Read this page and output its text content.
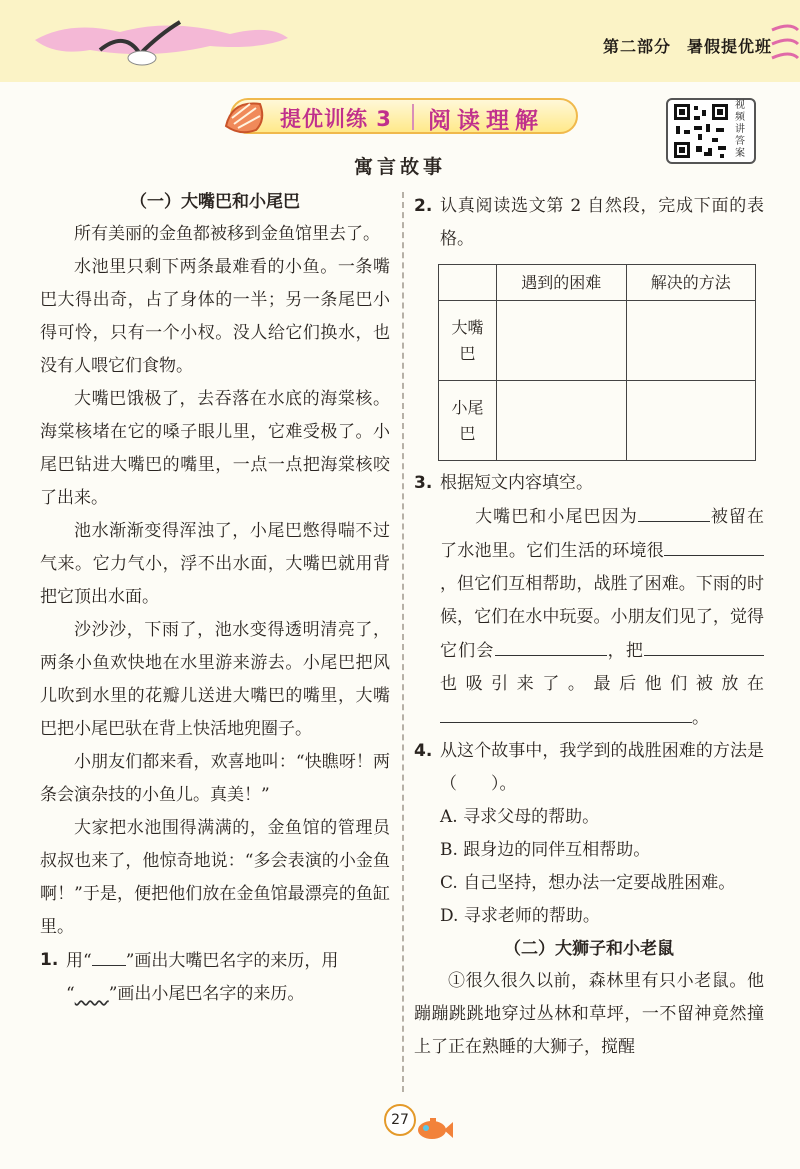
第二部分 暑假提优班
提优训练 3 阅读理解
视频讲答案
寓言故事
（一）大嘴巴和小尾巴

所有美丽的金鱼都被移到金鱼馆里去了。

水池里只剩下两条最难看的小鱼。一条嘴巴大得出奇，占了身体的一半；另一条尾巴小得可怜，只有一个小杈。没人给它们换水，也没有人喂它们食物。

大嘴巴饿极了，去吞落在水底的海棠核。海棠核堵在它的嗓子眼儿里，它难受极了。小尾巴钻进大嘴巴的嘴里，一点一点把海棠核咬了出来。

池水渐渐变得浑浊了，小尾巴憋得喘不过气来。它力气小，浮不出水面，大嘴巴就用背把它顶出水面。

沙沙沙，下雨了，池水变得透明清亮了，两条小鱼欢快地在水里游来游去。小尾巴把风儿吹到水里的花瓣儿送进大嘴巴的嘴里，大嘴巴把小尾巴驮在背上快活地兜圈子。

小朋友们都来看，欢喜地叫：“快瞧呀！两条会演杂技的小鱼儿。真美！”

大家把水池围得满满的，金鱼馆的管理员叔叔也来了，他惊奇地说：“多会表演的小金鱼啊！”于是，便把他们放在金鱼馆最漂亮的鱼缸里。

1. 用“ ”画出大嘴巴名字的来历，用
“　　 ”画出小尾巴名字的来历。
2. 认真阅读选文第 2 自然段，完成下面的表格。
	遇到的困难	解决的方法
大嘴巴		
小尾巴		
3. 根据短文内容填空。

大嘴巴和小尾巴因为	被留在了水池里。它们生活的环境很，但它们互相帮助，战胜了困难。下雨的时候，它们在水中玩耍。小朋友们见了，觉得它们会	，把也吸引来了。最后他们被放在。

4. 从这个故事中，我学到的战胜困难的方法是（　　）。
A. 寻求父母的帮助。
B. 跟身边的同伴互相帮助。
C. 自己坚持，想办法一定要战胜困难。
D. 寻求老师的帮助。
（二）大狮子和小老鼠

①很久很久以前，森林里有只小老鼠。他蹦蹦跳跳地穿过丛林和草坪，一不留神竟然撞上了正在熟睡的大狮子，搅醒

27
